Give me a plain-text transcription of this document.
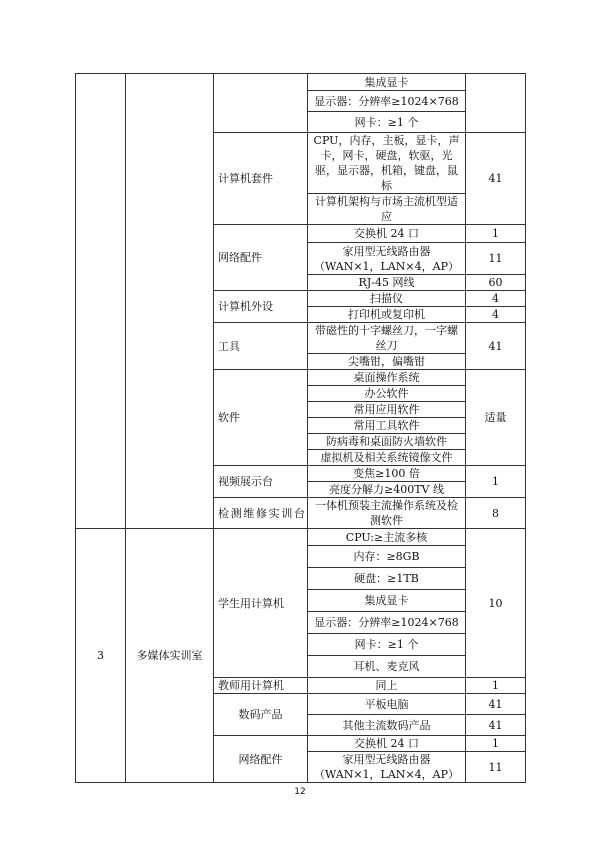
			集成显卡	
			显示器：分辨率≥1024×768	
			网卡：≥1 个	
		计算机套件	CPU，内存，主板，显卡，声卡，网卡，硬盘，软驱，光驱，显示器，机箱，键盘，鼠标	41
			计算机架构与市场主流机型适应	
		网络配件	交换机 24 口	1
			家用型无线路由器（WAN×1，LAN×4，AP）	11
			RJ-45 网线	60
		计算机外设	扫描仪	4
			打印机或复印机	4
		工具	带磁性的十字螺丝刀，一字螺丝刀	41
			尖嘴钳，偏嘴钳	
		软件	桌面操作系统	适量
			办公软件	
			常用应用软件	
			常用工具软件	
			防病毒和桌面防火墙软件	
			虚拟机及相关系统镜像文件	
		视频展示台	变焦≥100 倍	1
			亮度分解力≥400TV 线	
		检测维修实训台	一体机预装主流操作系统及检测软件	8
3	多媒体实训室	学生用计算机	CPU:≥主流多核	10
			内存：≥8GB	
			硬盘：≥1TB	
			集成显卡	
			显示器：分辨率≥1024×768	
			网卡：≥1 个	
			耳机、麦克风	
		教师用计算机	同上	1
		数码产品	平板电脑	41
			其他主流数码产品	41
		网络配件	交换机 24 口	1
			家用型无线路由器（WAN×1，LAN×4，AP）	11
12
